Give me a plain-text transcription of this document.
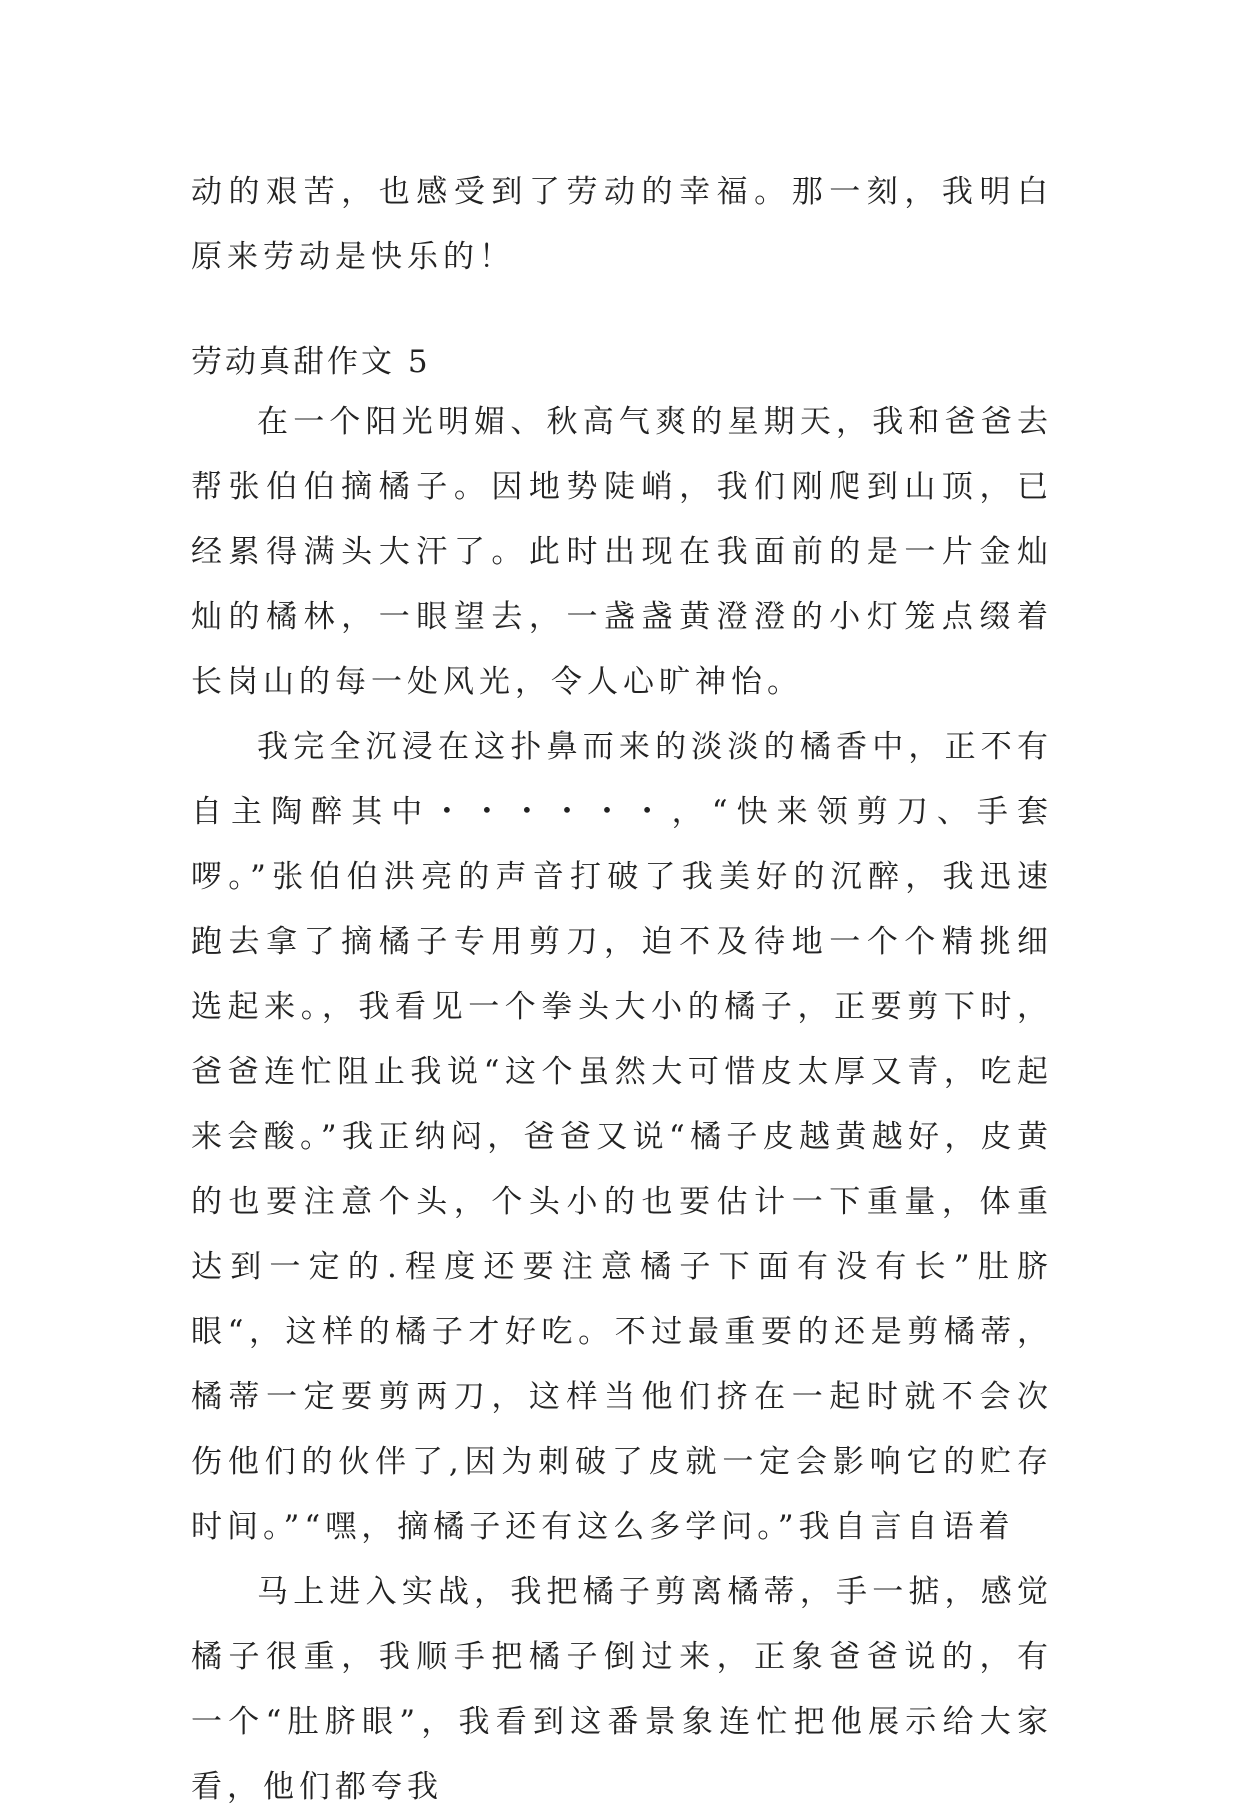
动的艰苦，也感受到了劳动的幸福。那一刻，我明白原来劳动是快乐的！

劳动真甜作文 5

在一个阳光明媚、秋高气爽的星期天，我和爸爸去帮张伯伯摘橘子。因地势陡峭，我们刚爬到山顶，已经累得满头大汗了。此时出现在我面前的是一片金灿灿的橘林，一眼望去，一盏盏黄澄澄的小灯笼点缀着长岗山的每一处风光，令人心旷神怡。

我完全沉浸在这扑鼻而来的淡淡的橘香中，正不有自主陶醉其中・・・・・・，“快来领剪刀、手套啰。”张伯伯洪亮的声音打破了我美好的沉醉，我迅速跑去拿了摘橘子专用剪刀，迫不及待地一个个精挑细选起来。，我看见一个拳头大小的橘子，正要剪下时，爸爸连忙阻止我说“这个虽然大可惜皮太厚又青，吃起来会酸。”我正纳闷，爸爸又说“橘子皮越黄越好，皮黄的也要注意个头，个头小的也要估计一下重量，体重达到一定的.程度还要注意橘子下面有没有长”肚脐眼“，这样的橘子才好吃。不过最重要的还是剪橘蒂，橘蒂一定要剪两刀，这样当他们挤在一起时就不会次伤他们的伙伴了,因为刺破了皮就一定会影响它的贮存时间。”“嘿，摘橘子还有这么多学问。”我自言自语着

马上进入实战，我把橘子剪离橘蒂，手一掂，感觉橘子很重，我顺手把橘子倒过来，正象爸爸说的，有一个“肚脐眼”，我看到这番景象连忙把他展示给大家看，他们都夸我
